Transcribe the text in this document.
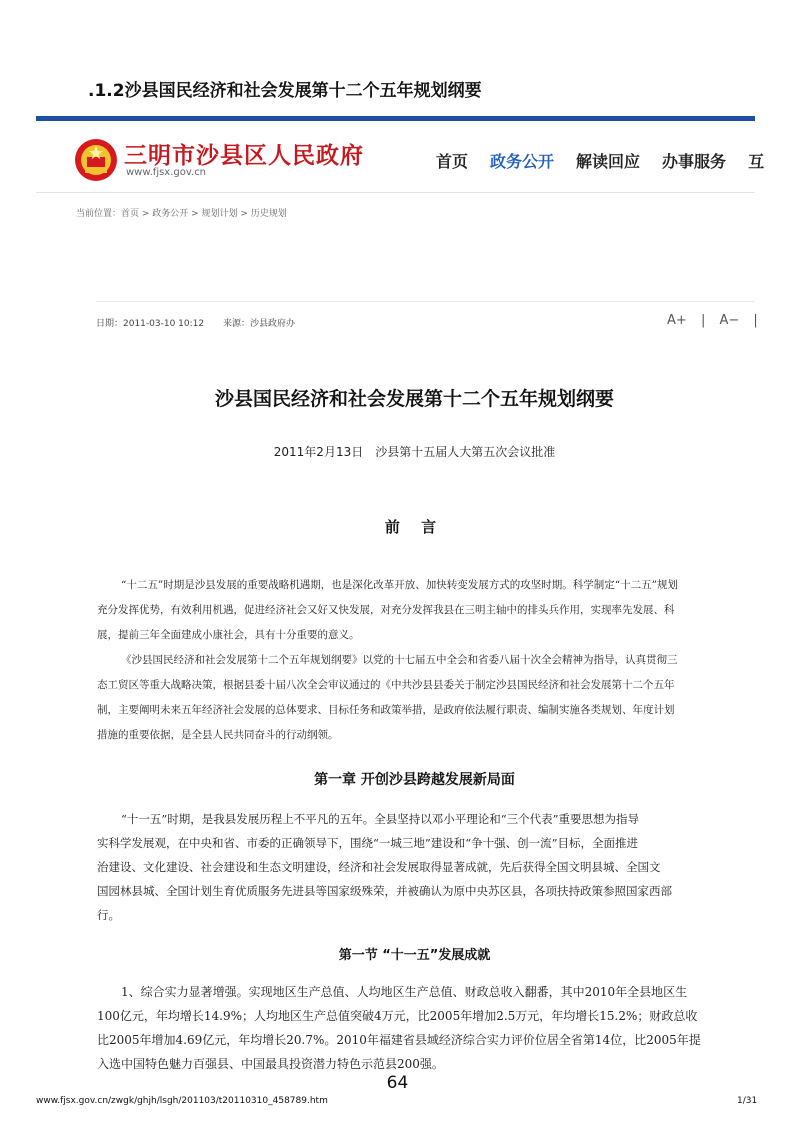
.1.2沙县国民经济和社会发展第十二个五年规划纲要
三明市沙县区人民政府
www.fjsx.gov.cn
首页 政务公开 解读回应 办事服务 互
当前位置：首页 > 政务公开 > 规划计划 > 历史规划
日期：2011-03-10 10:12 来源：沙县政府办	A+ | A− |
沙县国民经济和社会发展第十二个五年规划纲要
2011年2月13日　沙县第十五届人大第五次会议批准
前 言

“十二五”时期是沙县发展的重要战略机遇期，也是深化改革开放、加快转变发展方式的攻坚时期。科学制定“十二五”规划

充分发挥优势，有效利用机遇，促进经济社会又好又快发展，对充分发挥我县在三明主轴中的排头兵作用，实现率先发展、科

展，提前三年全面建成小康社会，具有十分重要的意义。

《沙县国民经济和社会发展第十二个五年规划纲要》以党的十七届五中全会和省委八届十次全会精神为指导，认真贯彻三

态工贸区等重大战略决策，根据县委十届八次全会审议通过的《中共沙县县委关于制定沙县国民经济和社会发展第十二个五年

制，主要阐明未来五年经济社会发展的总体要求、目标任务和政策举措，是政府依法履行职责、编制实施各类规划、年度计划

措施的重要依据，是全县人民共同奋斗的行动纲领。

第一章 开创沙县跨越发展新局面

“十一五”时期，是我县发展历程上不平凡的五年。全县坚持以邓小平理论和“三个代表”重要思想为指导

实科学发展观，在中央和省、市委的正确领导下，围绕“一城三地”建设和“争十强、创一流”目标，全面推进

治建设、文化建设、社会建设和生态文明建设，经济和社会发展取得显著成就，先后获得全国文明县城、全国文

国园林县城、全国计划生育优质服务先进县等国家级殊荣，并被确认为原中央苏区县，各项扶持政策参照国家西部

行。

第一节 “十一五”发展成就

1、综合实力显著增强。实现地区生产总值、人均地区生产总值、财政总收入翻番，其中2010年全县地区生

100亿元，年均增长14.9%；人均地区生产总值突破4万元，比2005年增加2.5万元，年均增长15.2%；财政总收

比2005年增加4.69亿元，年均增长20.7%。2010年福建省县域经济综合实力评价位居全省第14位，比2005年提

入选中国特色魅力百强县、中国最具投资潜力特色示范县200强。

64
www.fjsx.gov.cn/zwgk/ghjh/lsgh/201103/t20110310_458789.htm	1/31
